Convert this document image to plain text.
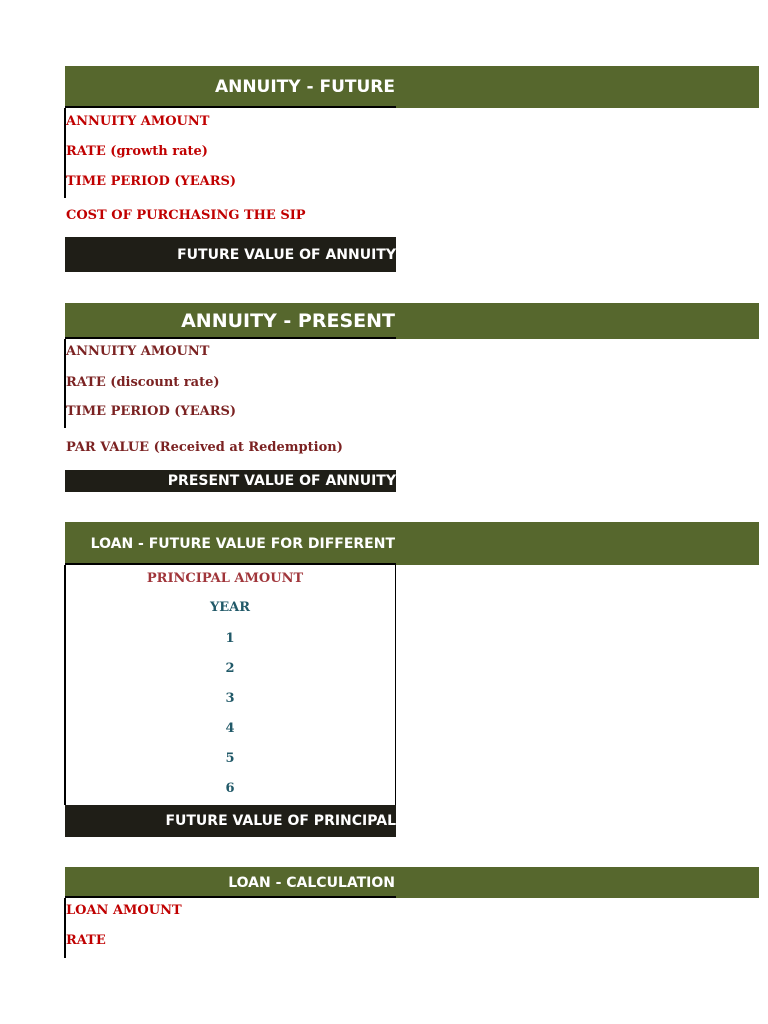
ANNUITY - FUTURE
ANNUITY AMOUNT
RATE (growth rate)
TIME PERIOD (YEARS)
COST OF PURCHASING THE SIP
FUTURE VALUE OF ANNUITY
ANNUITY - PRESENT
ANNUITY AMOUNT
RATE (discount rate)
TIME PERIOD (YEARS)
PAR VALUE (Received at Redemption)
PRESENT VALUE OF ANNUITY
LOAN - FUTURE VALUE FOR DIFFERENT
PRINCIPAL AMOUNT
YEAR
1
2
3
4
5
6
FUTURE VALUE OF PRINCIPAL
LOAN - CALCULATION
LOAN AMOUNT
RATE
